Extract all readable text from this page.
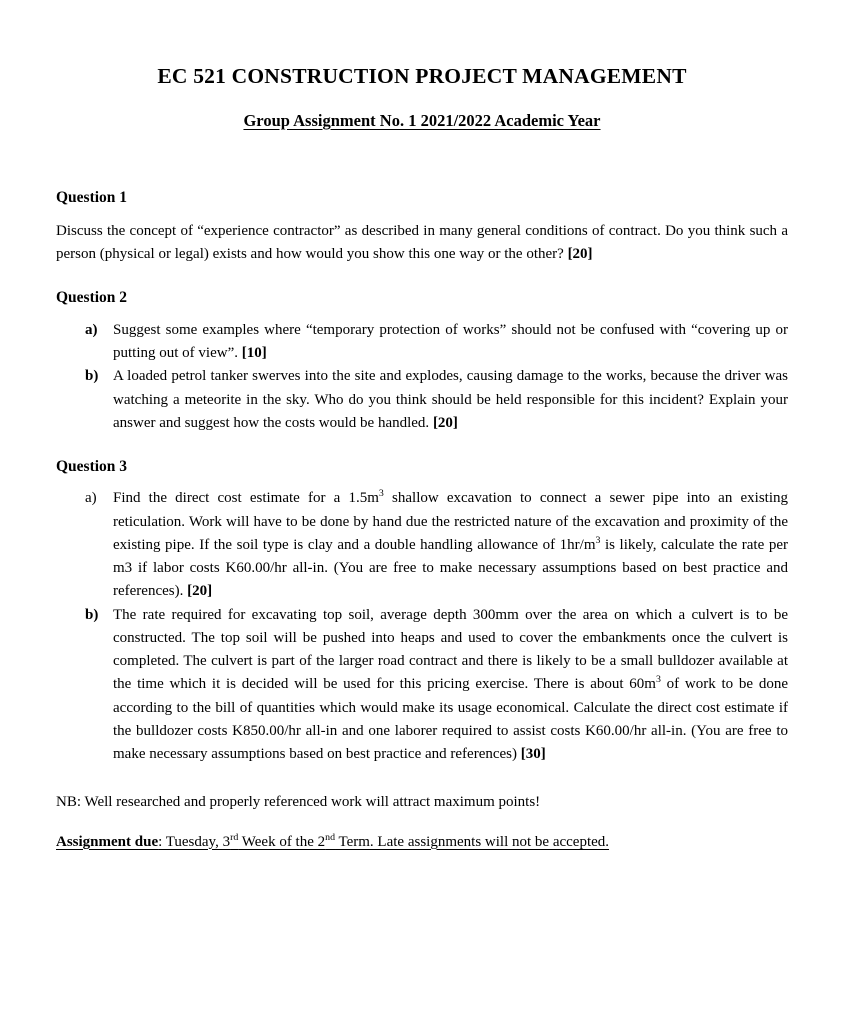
EC 521 CONSTRUCTION PROJECT MANAGEMENT
Group Assignment No. 1 2021/2022 Academic Year
Question 1

Discuss the concept of “experience contractor” as described in many general conditions of contract. Do you think such a person (physical or legal) exists and how would you show this one way or the other? [20]

Question 2
a)	Suggest some examples where “temporary protection of works” should not be confused with “covering up or putting out of view”. [10]
b) A loaded petrol tanker swerves into the site and explodes, causing damage to the works, because the driver was watching a meteorite in the sky. Who do you think should be held responsible for this incident? Explain your answer and suggest how the costs would be handled. [20]
Question 3
a)	Find the direct cost estimate for a $1.5m^3$ shallow excavation to connect a sewer pipe into an existing reticulation. Work will have to be done by hand due the restricted nature of the excavation and proximity of the existing pipe. If the soil type is clay and a double handling allowance of $1hr/m^3$ is likely, calculate the rate per m3 if labor costs K60.00/hr all-in. (You are free to make necessary assumptions based on best practice and references). [20]
b) The rate required for excavating top soil, average depth 300mm over the area on which a culvert is to be constructed. The top soil will be pushed into heaps and used to cover the embankments once the culvert is completed. The culvert is part of the larger road contract and there is likely to be a small bulldozer available at the time which it is decided will be used for this pricing exercise. There is about $60m^3$ of work to be done according to the bill of quantities which would make its usage economical. Calculate the direct cost estimate if the bulldozer costs K850.00/hr all-in and one laborer required to assist costs K60.00/hr all-in. (You are free to make necessary assumptions based on best practice and references) [30]

NB: Well researched and properly referenced work will attract maximum points!

Assignment due: Tuesday, 3rd Week of the 2nd Term. Late assignments will not be accepted.
